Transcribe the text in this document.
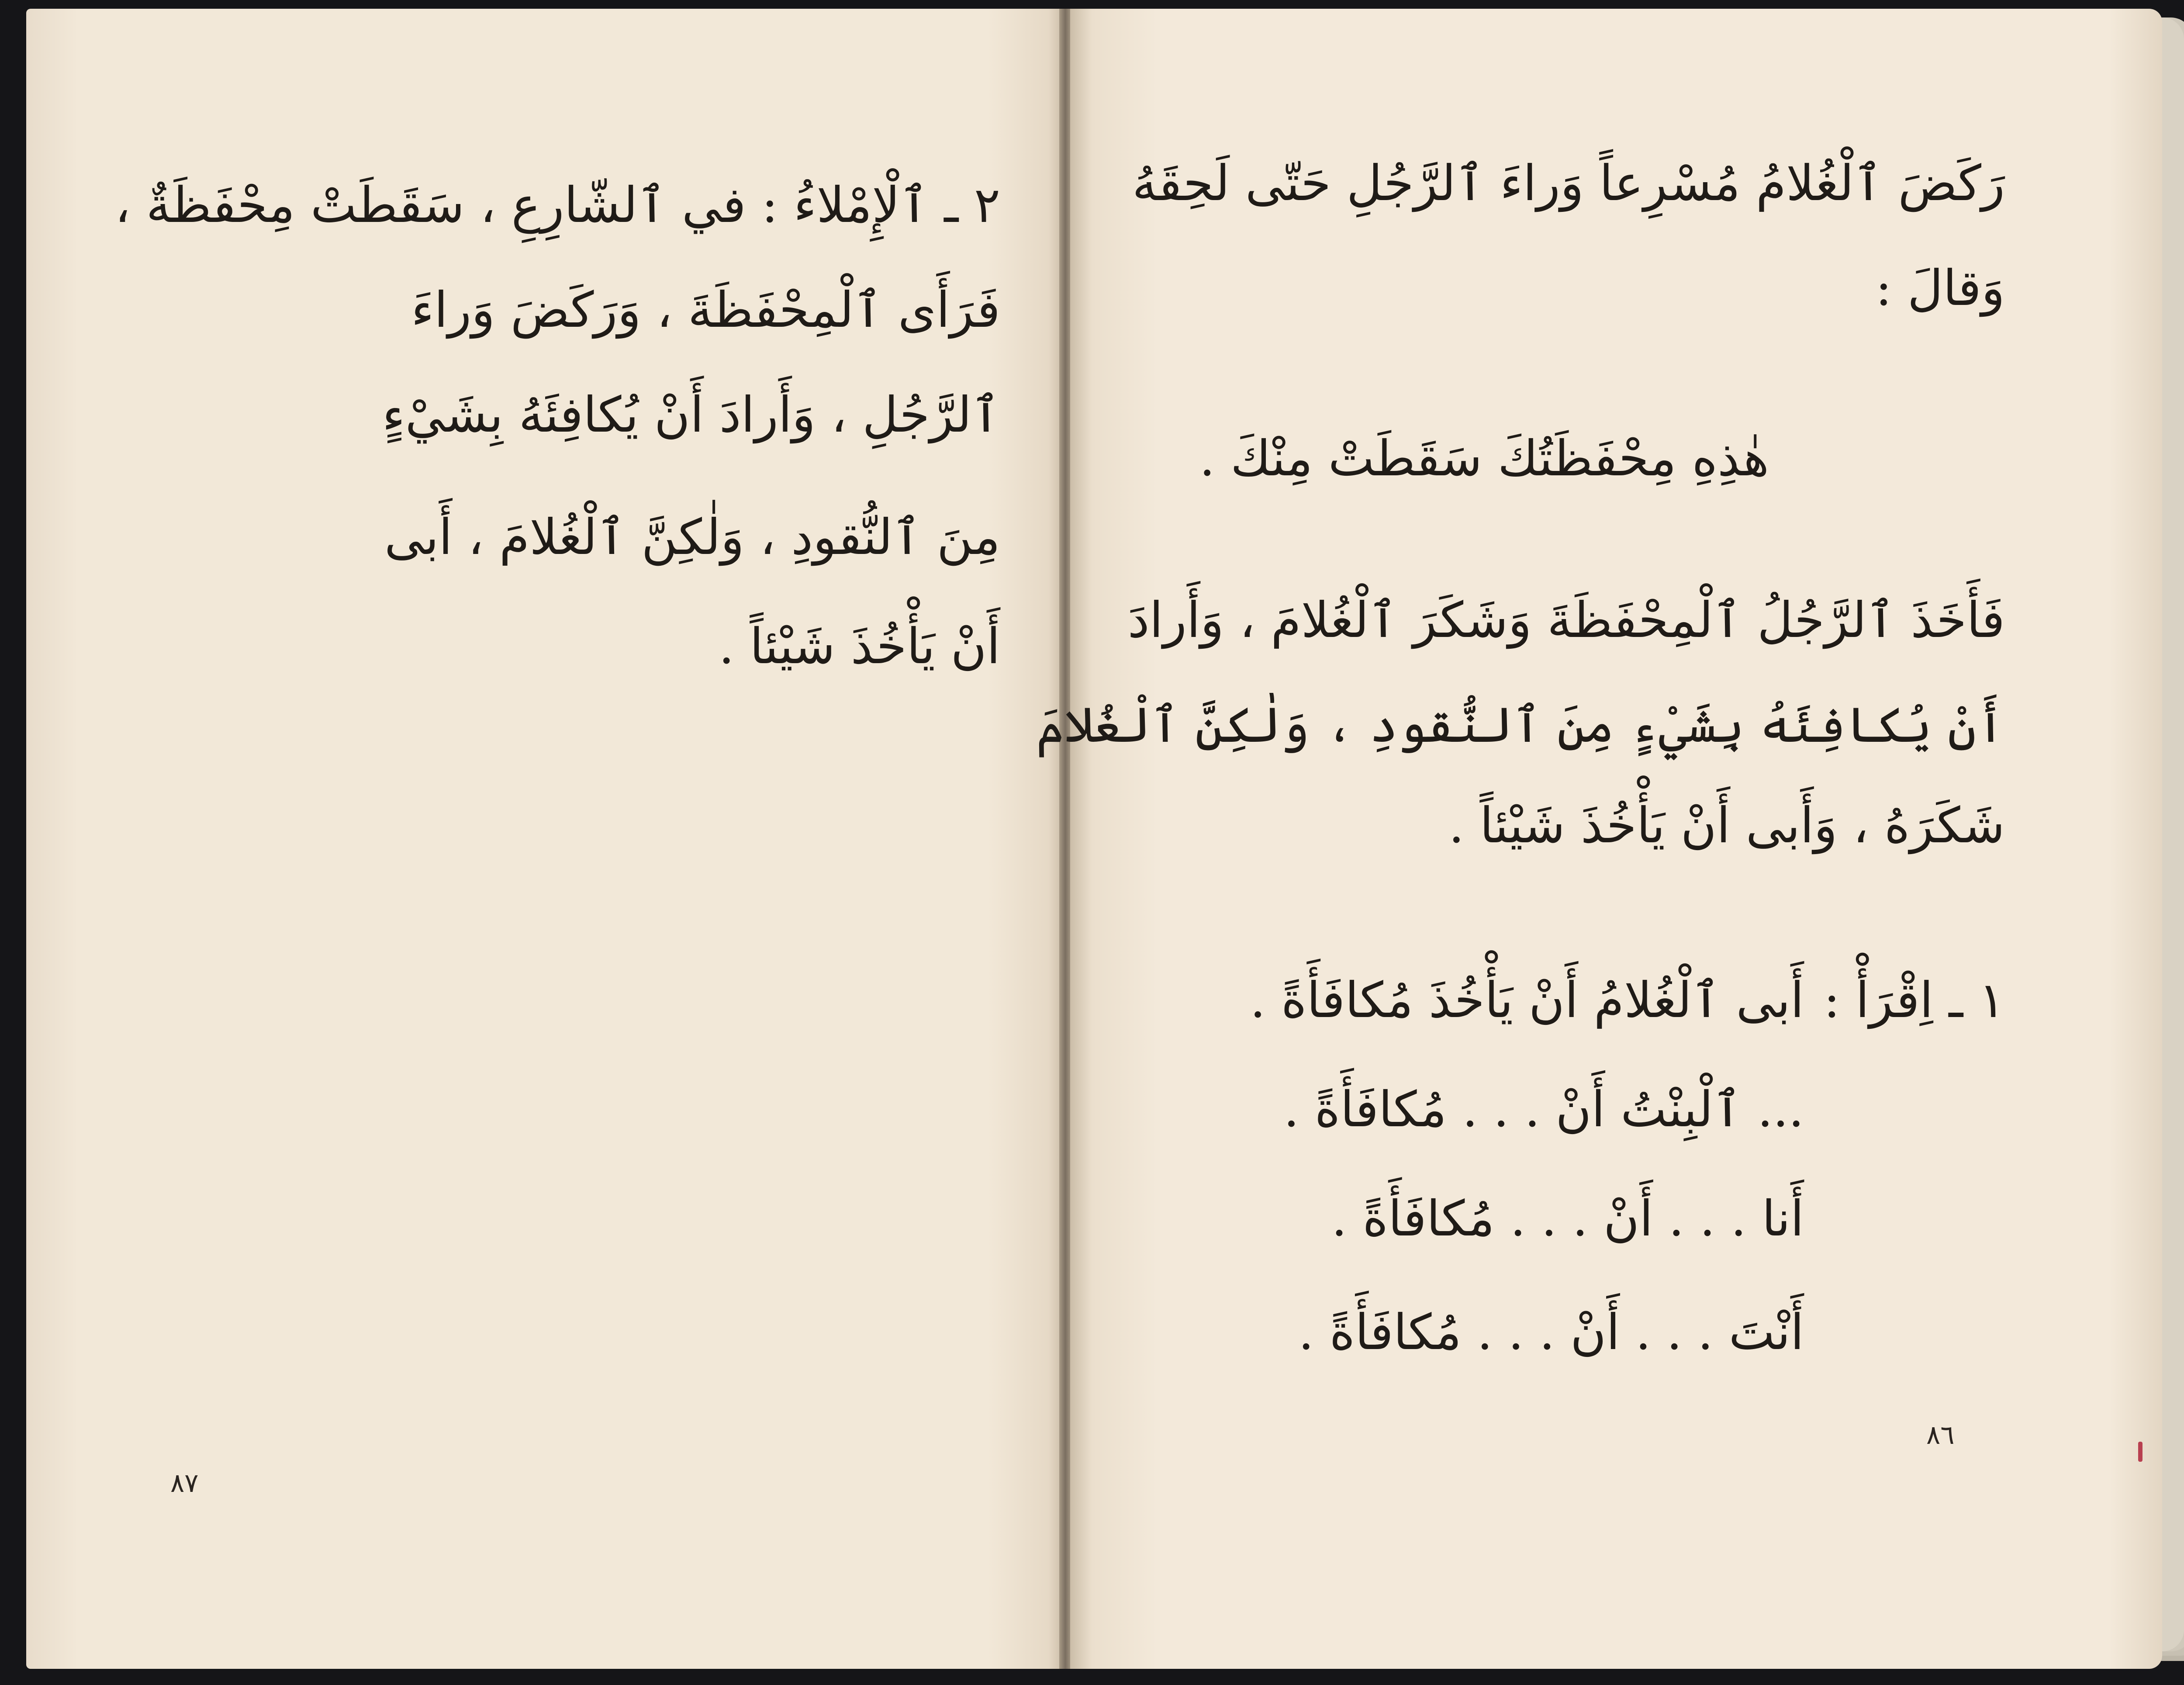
٢ ـ ٱلْإِمْلاءُ : في ٱلشّارِعِ ، سَقَطَتْ مِحْفَظَةٌ ،
فَرَأَى ٱلْمِحْفَظَةَ ، وَرَكَضَ وَراءَ
ٱلرَّجُلِ ، وَأَرادَ أَنْ يُكافِئَهُ بِشَيْءٍ
مِنَ ٱلنُّقودِ ، وَلٰكِنَّ ٱلْغُلامَ ، أَبى
أَنْ يَأْخُذَ شَيْئاً .
٨٧
رَكَضَ ٱلْغُلامُ مُسْرِعاً وَراءَ ٱلرَّجُلِ حَتّى لَحِقَهُ
وَقالَ :
هٰذِهِ مِحْفَظَتُكَ سَقَطَتْ مِنْكَ .
فَأَخَذَ ٱلرَّجُلُ ٱلْمِحْفَظَةَ وَشَكَرَ ٱلْغُلامَ ، وَأَرادَ
أَنْ يُكافِئَهُ بِشَيْءٍ مِنَ ٱلنُّقودِ ، وَلٰكِنَّ ٱلْغُلامَ
شَكَرَهُ ، وَأَبى أَنْ يَأْخُذَ شَيْئاً .
١ ـ اِقْرَأْ :
أَبى ٱلْغُلامُ أَنْ يَأْخُذَ مُكافَأَةً .
... ٱلْبِنْتُ أَنْ . . . مُكافَأَةً .
أَنا . . . أَنْ . . . مُكافَأَةً .
أَنْتَ . . . أَنْ . . . مُكافَأَةً .
٨٦
